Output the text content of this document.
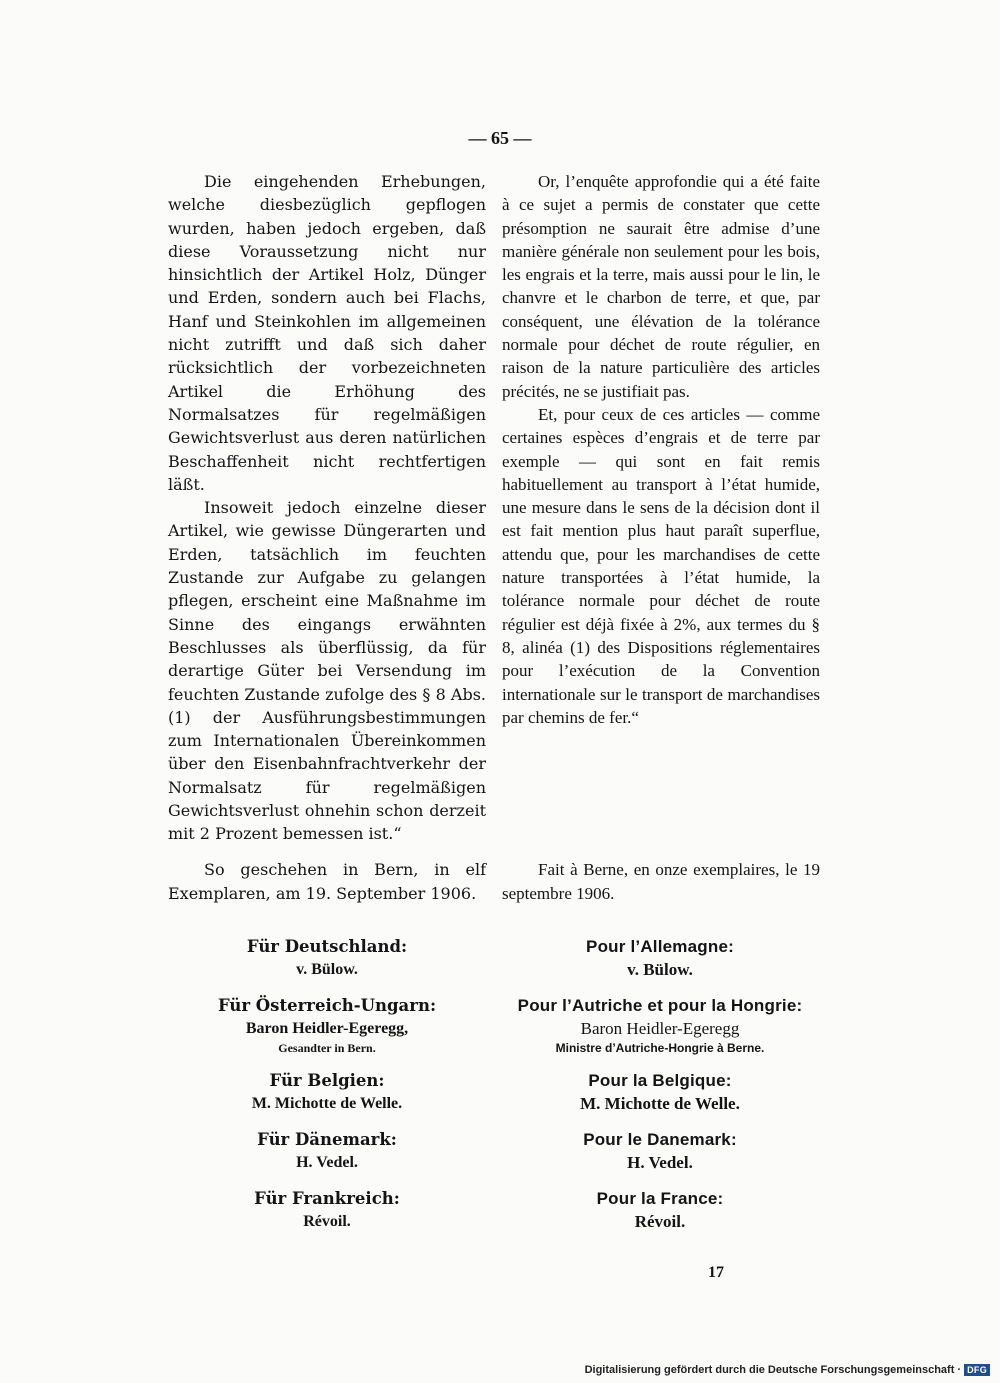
— 65 —

Die eingehenden Erhebungen, welche diesbezüglich gepflogen wurden, haben jedoch ergeben, daß diese Voraussetzung nicht nur hinsichtlich der Artikel Holz, Dünger und Erden, sondern auch bei Flachs, Hanf und Steinkohlen im allgemeinen nicht zutrifft und daß sich daher rücksichtlich der vorbezeichneten Artikel die Erhöhung des Normalsatzes für regelmäßigen Gewichtsverlust aus deren natürlichen Beschaffenheit nicht rechtfertigen läßt.

Insoweit jedoch einzelne dieser Artikel, wie gewisse Düngerarten und Erden, tatsächlich im feuchten Zustande zur Aufgabe zu gelangen pflegen, erscheint eine Maßnahme im Sinne des eingangs erwähnten Beschlusses als überflüssig, da für derartige Güter bei Versendung im feuchten Zustande zufolge des § 8 Abs. (1) der Ausführungsbestimmungen zum Internationalen Übereinkommen über den Eisenbahnfrachtverkehr der Normalsatz für regelmäßigen Gewichtsverlust ohnehin schon derzeit mit 2 Prozent bemessen ist.“

Or, l’enquête approfondie qui a été faite à ce sujet a permis de constater que cette présomption ne saurait être admise d’une manière générale non seulement pour les bois, les engrais et la terre, mais aussi pour le lin, le chanvre et le charbon de terre, et que, par conséquent, une élévation de la tolérance normale pour déchet de route régulier, en raison de la nature particulière des articles précités, ne se justifiait pas.

Et, pour ceux de ces articles — comme certaines espèces d’engrais et de terre par exemple — qui sont en fait remis habituellement au transport à l’état humide, une mesure dans le sens de la décision dont il est fait mention plus haut paraît superflue, attendu que, pour les marchandises de cette nature transportées à l’état humide, la tolérance normale pour déchet de route régulier est déjà fixée à 2%, aux termes du § 8, alinéa (1) des Dispositions réglementaires pour l’exécution de la Convention internationale sur le transport de marchandises par chemins de fer.“

So geschehen in Bern, in elf Exemplaren, am 19. September 1906.

Fait à Berne, en onze exemplaires, le 19 septembre 1906.

Für Deutschland:
v. Bülow.
Für Österreich-Ungarn:
Baron Heidler-Egeregg,
Gesandter in Bern.
Für Belgien:
M. Michotte de Welle.
Für Dänemark:
H. Vedel.
Für Frankreich:
Révoil.
Pour l’Allemagne:
v. Bülow.
Pour l’Autriche et pour la Hongrie:
Baron Heidler-Egeregg
Ministre d’Autriche-Hongrie à Berne.
Pour la Belgique:
M. Michotte de Welle.
Pour le Danemark:
H. Vedel.
Pour la France:
Révoil.
17
Digitalisierung gefördert durch die Deutsche Forschungsgemeinschaft · DFG
